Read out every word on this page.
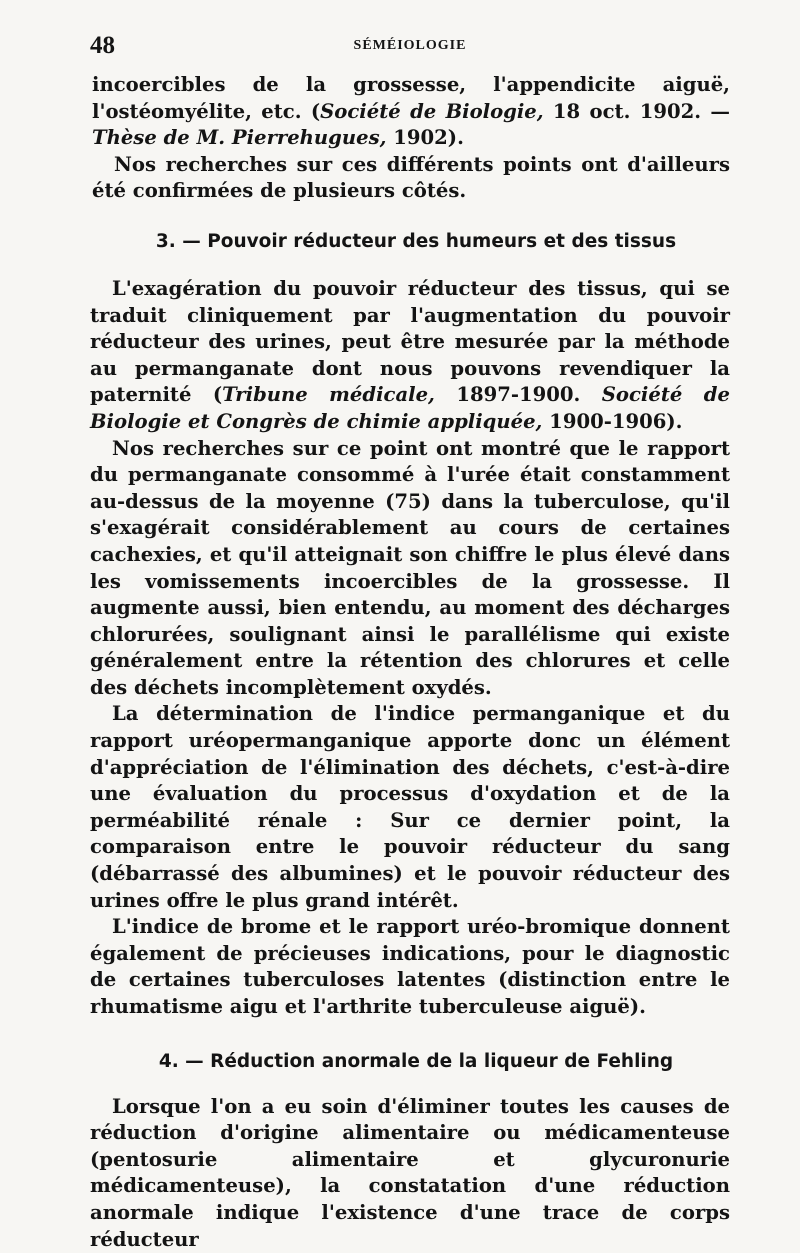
48	SÉMÉIOLOGIE

incoercibles de la grossesse, l'appendicite aiguë, l'ostéomyélite, etc. (Société de Biologie, 18 oct. 1902. — Thèse de M. Pierrehugues, 1902).

Nos recherches sur ces différents points ont d'ailleurs été confirmées de plusieurs côtés.

3. — Pouvoir réducteur des humeurs et des tissus

L'exagération du pouvoir réducteur des tissus, qui se traduit cliniquement par l'augmentation du pouvoir réducteur des urines, peut être mesurée par la méthode au permanganate dont nous pouvons revendiquer la paternité (Tribune médicale, 1897-1900. Société de Biologie et Congrès de chimie appliquée, 1900-1906).

Nos recherches sur ce point ont montré que le rapport du permanganate consommé à l'urée était constamment au-dessus de la moyenne (75) dans la tuberculose, qu'il s'exagérait considérablement au cours de certaines cachexies, et qu'il atteignait son chiffre le plus élevé dans les vomissements incoercibles de la grossesse. Il augmente aussi, bien entendu, au moment des décharges chlorurées, soulignant ainsi le parallélisme qui existe généralement entre la rétention des chlorures et celle des déchets incomplètement oxydés.

La détermination de l'indice permanganique et du rapport uréopermanganique apporte donc un élément d'appréciation de l'élimination des déchets, c'est-à-dire une évaluation du processus d'oxydation et de la perméabilité rénale : Sur ce dernier point, la comparaison entre le pouvoir réducteur du sang (débarrassé des albumines) et le pouvoir réducteur des urines offre le plus grand intérêt.

L'indice de brome et le rapport uréo-bromique donnent également de précieuses indications, pour le diagnostic de certaines tuberculoses latentes (distinction entre le rhumatisme aigu et l'arthrite tuberculeuse aiguë).

4. — Réduction anormale de la liqueur de Fehling

Lorsque l'on a eu soin d'éliminer toutes les causes de réduction d'origine alimentaire ou médicamenteuse (pentosurie alimentaire et glycuronurie médicamenteuse), la constatation d'une réduction anormale indique l'existence d'une trace de corps réducteur
